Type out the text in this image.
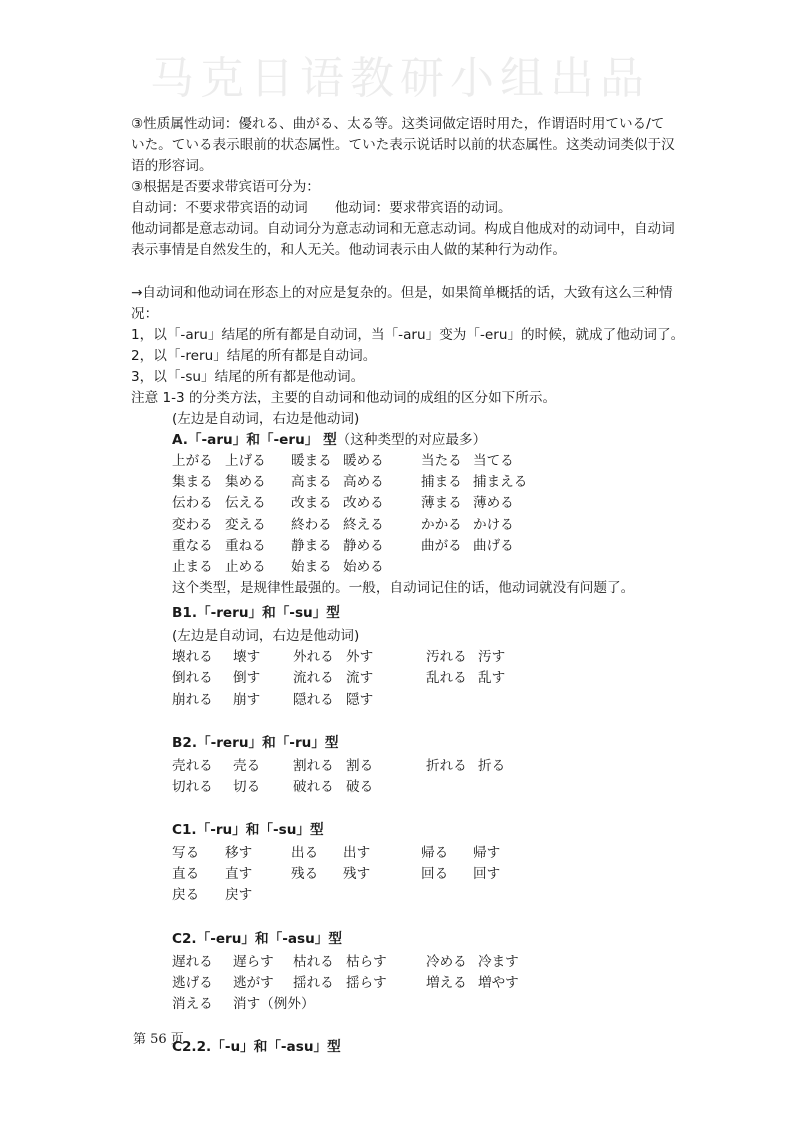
马克日语教研小组出品

③性质属性动词：優れる、曲がる、太る等。这类词做定语时用た，作谓语时用ている/て

いた。ている表示眼前的状态属性。ていた表示说话时以前的状态属性。这类动词类似于汉

语的形容词。

③根据是否要求带宾语可分为：

自动词：不要求带宾语的动词　　他动词：要求带宾语的动词。

他动词都是意志动词。自动词分为意志动词和无意志动词。构成自他成对的动词中，自动词

表示事情是自然发生的，和人无关。他动词表示由人做的某种行为动作。

→自动词和他动词在形态上的对应是复杂的。但是，如果简单概括的话，大致有这么三种情

况：

1，以「-aru」结尾的所有都是自动词，当「-aru」变为「-eru」的时候，就成了他动词了。

2，以「-reru」结尾的所有都是自动词。

3，以「-su」结尾的所有都是他动词。

注意 1-3 的分类方法，主要的自动词和他动词的成组的区分如下所示。

(左边是自动词，右边是他动词)

A.「-aru」和「-eru」 型（这种类型的对应最多）

上がる 上げる 暖まる 暖める	当たる 当てる
集まる 集める 高まる 高める	捕まる 捕まえる
伝わる 伝える 改まる 改める	薄まる 薄める
変わる 変える 終わる 終える	かかる かける
重なる 重ねる 静まる 静める	曲がる 曲げる
止まる 止める 始まる 始める

这个类型，是规律性最强的。一般，自动词记住的话，他动词就没有问题了。

B1.「-reru」和「-su」型

(左边是自动词，右边是他动词)

壊れる 壊す 外れる 外す	汚れる 汚す
倒れる 倒す 流れる 流す	乱れる 乱す
崩れる 崩す 隠れる 隠す

B2.「-reru」和「-ru」型

壳れる 壳る 割れる 割る	折れる 折る
切れる 切る 破れる 破る

C1.「-ru」和「-su」型

写る 移す	出る 出す	帰る 帰す
直る 直す	残る 残す	回る 回す
戻る 戻す

C2.「-eru」和「-asu」型

遅れる 遅らす 枯れる 枯らす	冷める 冷ます
逃げる 逃がす 揺れる 揺らす	増える 増やす
消える 消す（例外）

C2.2.「-u」和「-asu」型

第 56 页
